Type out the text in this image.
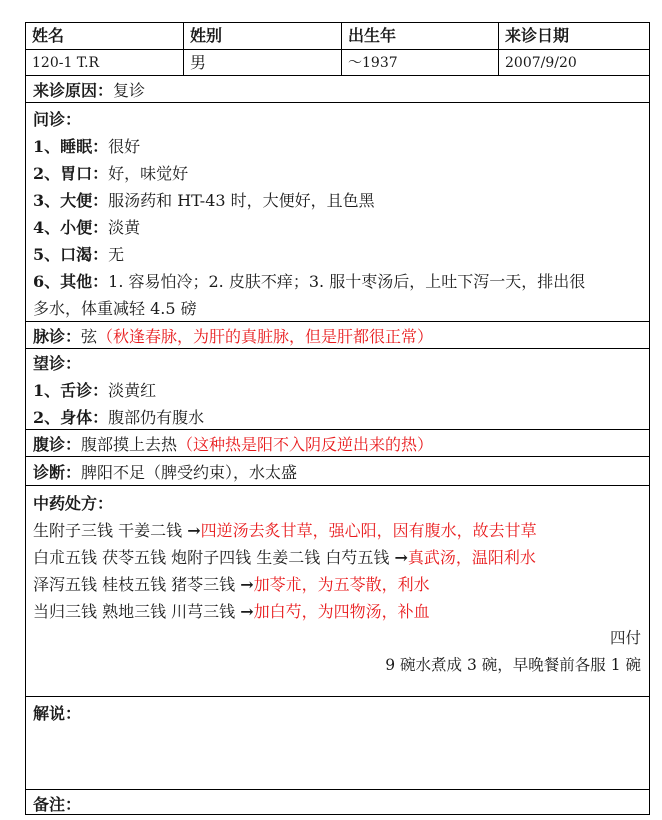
姓名	姓别	出生年	来诊日期
120-1 T.R	男	～1937	2007/9/20
来诊原因：复诊
问诊：
1、睡眠：很好
2、胃口：好，味觉好
3、大便：服汤药和 HT-43 时，大便好，且色黑
4、小便：淡黄
5、口渴：无
6、其他：1. 容易怕冷；2. 皮肤不痒；3. 服十枣汤后，上吐下泻一天，排出很
多水，体重减轻 4.5 磅
脉诊：弦（秋逢春脉，为肝的真脏脉，但是肝都很正常）
望诊：
1、舌诊：淡黄红
2、身体：腹部仍有腹水
腹诊：腹部摸上去热（这种热是阳不入阴反逆出来的热）
诊断：脾阳不足（脾受约束），水太盛
中药处方：
生附子三钱 干姜二钱 →四逆汤去炙甘草，强心阳，因有腹水，故去甘草
白朮五钱 茯苓五钱 炮附子四钱 生姜二钱 白芍五钱 →真武汤，温阳利水
泽泻五钱 桂枝五钱 猪苓三钱 →加苓朮，为五苓散，利水
当归三钱 熟地三钱 川芎三钱 →加白芍，为四物汤，补血
四付
9 碗水煮成 3 碗，早晚餐前各服 1 碗
解说：
备注：
